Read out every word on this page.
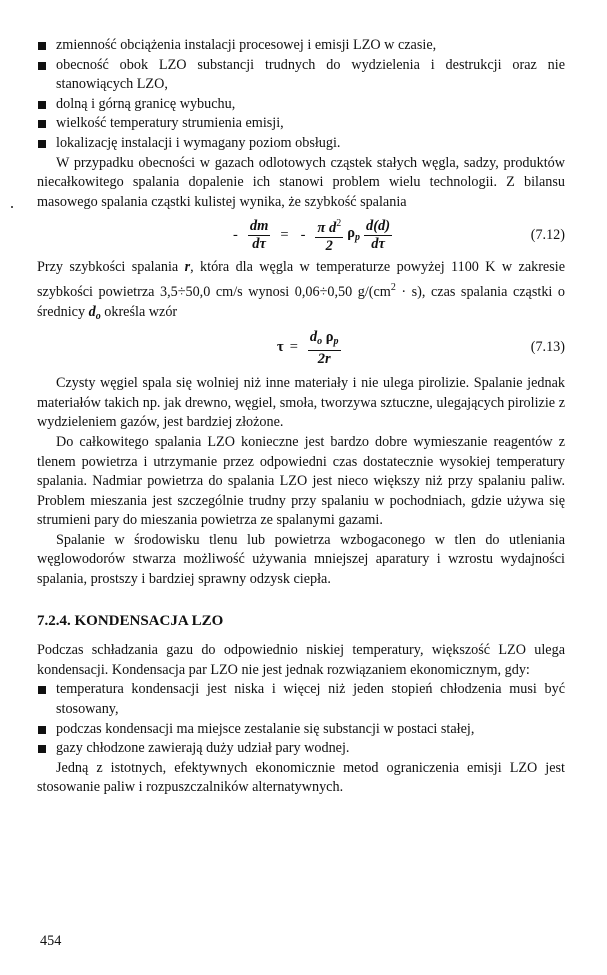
zmienność obciążenia instalacji procesowej i emisji LZO w czasie,
obecność obok LZO substancji trudnych do wydzielenia i destrukcji oraz nie stanowiących LZO,
dolną i górną granicę wybuchu,
wielkość temperatury strumienia emisji,
lokalizację instalacji i wymagany poziom obsługi.

W przypadku obecności w gazach odlotowych cząstek stałych węgla, sadzy, produktów niecałkowitego spalania dopalenie ich stanowi problem wielu technologii. Z bilansu masowego spalania cząstki kulistej wynika, że szybkość spalania

- $\frac{dm}{d\tau}$ = - $\frac{\pi d^2}{2} \rho_p \frac{d(d)}{d\tau}$	(7.12)

Przy szybkości spalania r, która dla węgla w temperaturze powyżej 1100 K w zakresie szybkości powietrza 3,5÷50,0 cm/s wynosi 0,06÷0,50 $g/(cm^2 \cdot s)$, czas spalania cząstki o średnicy $d_o$ określa wzór

$\tau = \frac{d_o \rho_p}{2r}$	(7.13)

Czysty węgiel spala się wolniej niż inne materiały i nie ulega pirolizie. Spalanie jednak materiałów takich np. jak drewno, węgiel, smoła, tworzywa sztuczne, ulegających pirolizie z wydzieleniem gazów, jest bardziej złożone.

Do całkowitego spalania LZO konieczne jest bardzo dobre wymieszanie reagentów z tlenem powietrza i utrzymanie przez odpowiedni czas dostatecznie wysokiej temperatury spalania. Nadmiar powietrza do spalania LZO jest nieco większy niż przy spalaniu paliw. Problem mieszania jest szczególnie trudny przy spalaniu w pochodniach, gdzie używa się strumieni pary do mieszania powietrza ze spalanymi gazami.

Spalanie w środowisku tlenu lub powietrza wzbogaconego w tlen do utleniania węglowodorów stwarza możliwość używania mniejszej aparatury i wzrostu wydajności spalania, prostszy i bardziej sprawny odzysk ciepła.

7.2.4. KONDENSACJA LZO

Podczas schładzania gazu do odpowiednio niskiej temperatury, większość LZO ulega kondensacji. Kondensacja par LZO nie jest jednak rozwiązaniem ekonomicznym, gdy:

temperatura kondensacji jest niska i więcej niż jeden stopień chłodzenia musi być stosowany,
podczas kondensacji ma miejsce zestalanie się substancji w postaci stałej,
gazy chłodzone zawierają duży udział pary wodnej.

Jedną z istotnych, efektywnych ekonomicznie metod ograniczenia emisji LZO jest stosowanie paliw i rozpuszczalników alternatywnych.

454
